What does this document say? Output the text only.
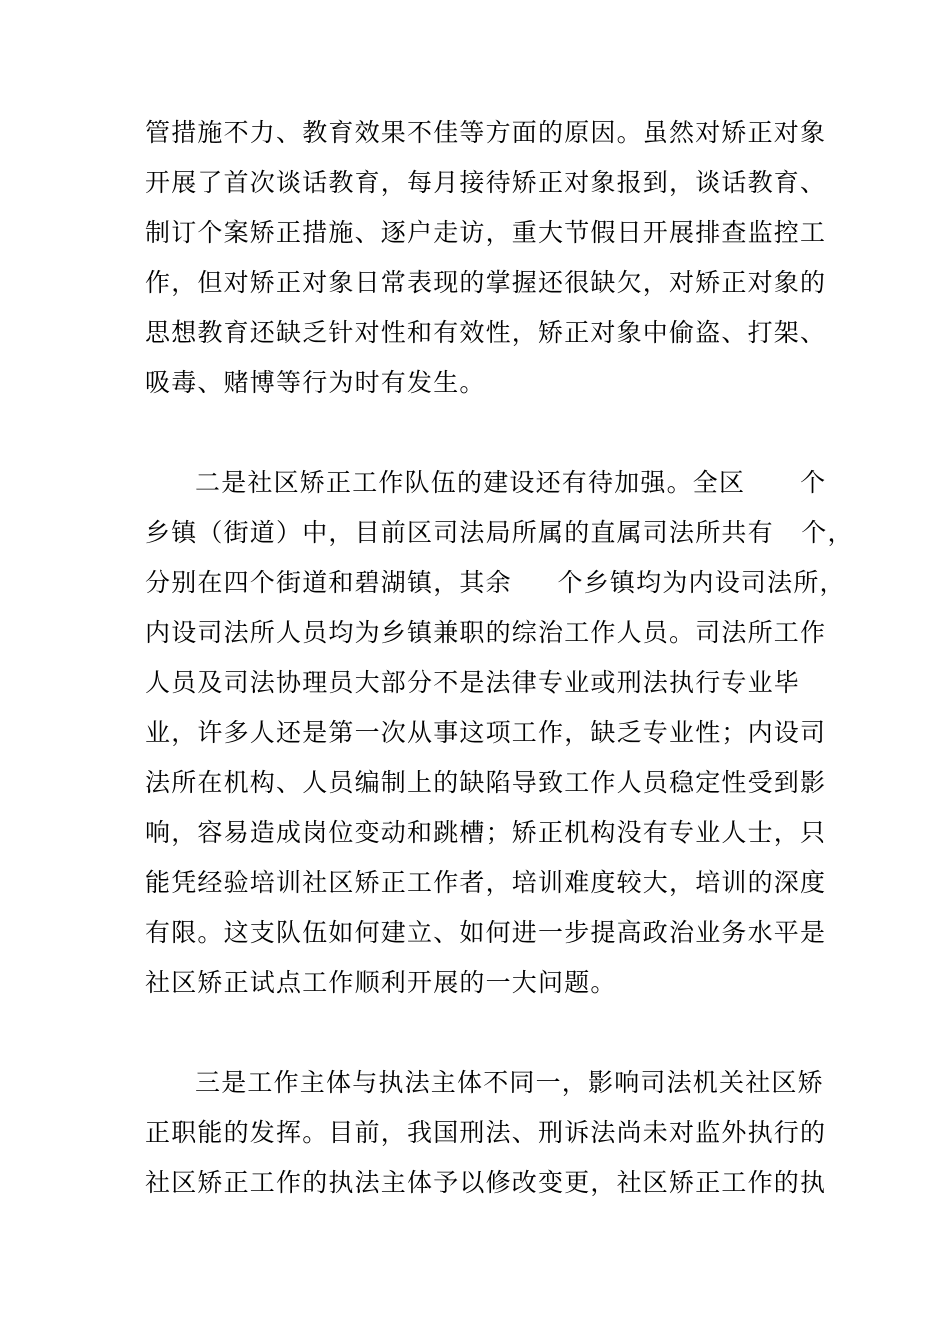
管措施不力、教育效果不佳等方面的原因。虽然对矫正对象
开展了首次谈话教育，每月接待矫正对象报到，谈话教育、
制订个案矫正措施、逐户走访，重大节假日开展排查监控工
作，但对矫正对象日常表现的掌握还很缺欠，对矫正对象的
思想教育还缺乏针对性和有效性，矫正对象中偷盗、打架、
吸毒、赌博等行为时有发生。
二是社区矫正工作队伍的建设还有待加强。全区      个
乡镇（街道）中，目前区司法局所属的直属司法所共有   个，
分别在四个街道和碧湖镇，其余     个乡镇均为内设司法所，
内设司法所人员均为乡镇兼职的综治工作人员。司法所工作
人员及司法协理员大部分不是法律专业或刑法执行专业毕
业，许多人还是第一次从事这项工作，缺乏专业性；内设司
法所在机构、人员编制上的缺陷导致工作人员稳定性受到影
响，容易造成岗位变动和跳槽；矫正机构没有专业人士，只
能凭经验培训社区矫正工作者，培训难度较大，培训的深度
有限。这支队伍如何建立、如何进一步提高政治业务水平是
社区矫正试点工作顺利开展的一大问题。
三是工作主体与执法主体不同一，影响司法机关社区矫
正职能的发挥。目前，我国刑法、刑诉法尚未对监外执行的
社区矫正工作的执法主体予以修改变更，社区矫正工作的执
